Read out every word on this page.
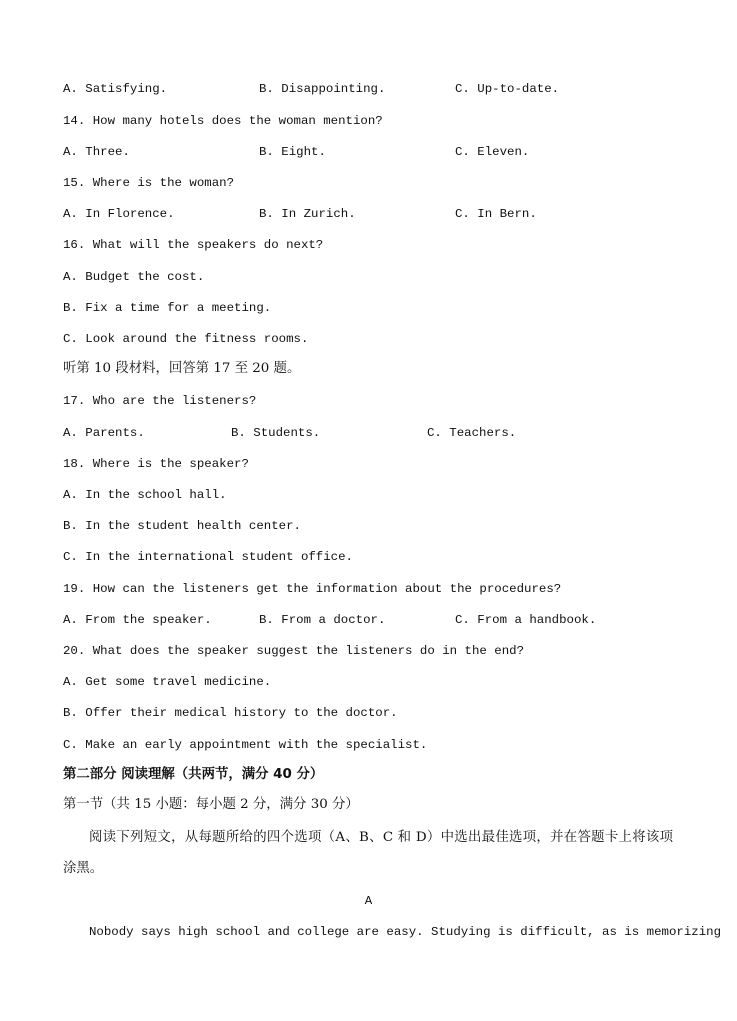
A. Satisfying.	B. Disappointing.	C. Up-to-date.
14. How many hotels does the woman mention?
A. Three.	B. Eight.	C. Eleven.
15. Where is the woman?
A. In Florence.	B. In Zurich.	C. In Bern.
16. What will the speakers do next?
A. Budget the cost.
B. Fix a time for a meeting.
C. Look around the fitness rooms.
听第 10 段材料，回答第 17 至 20 题。
17. Who are the listeners?
A. Parents.	B. Students.	C. Teachers.
18. Where is the speaker?
A. In the school hall.
B. In the student health center.
C. In the international student office.
19. How can the listeners get the information about the procedures?
A. From the speaker.	B. From a doctor.	C. From a handbook.
20. What does the speaker suggest the listeners do in the end?
A. Get some travel medicine.
B. Offer their medical history to the doctor.
C. Make an early appointment with the specialist.
第二部分 阅读理解（共两节，满分 40 分）
第一节（共 15 小题：每小题 2 分，满分 30 分）
阅读下列短文，从每题所给的四个选项（A、B、C 和 D）中选出最佳选项，并在答题卡上将该项涂黑。
A
Nobody says high school and college are easy. Studying is difficult, as is memorizing
